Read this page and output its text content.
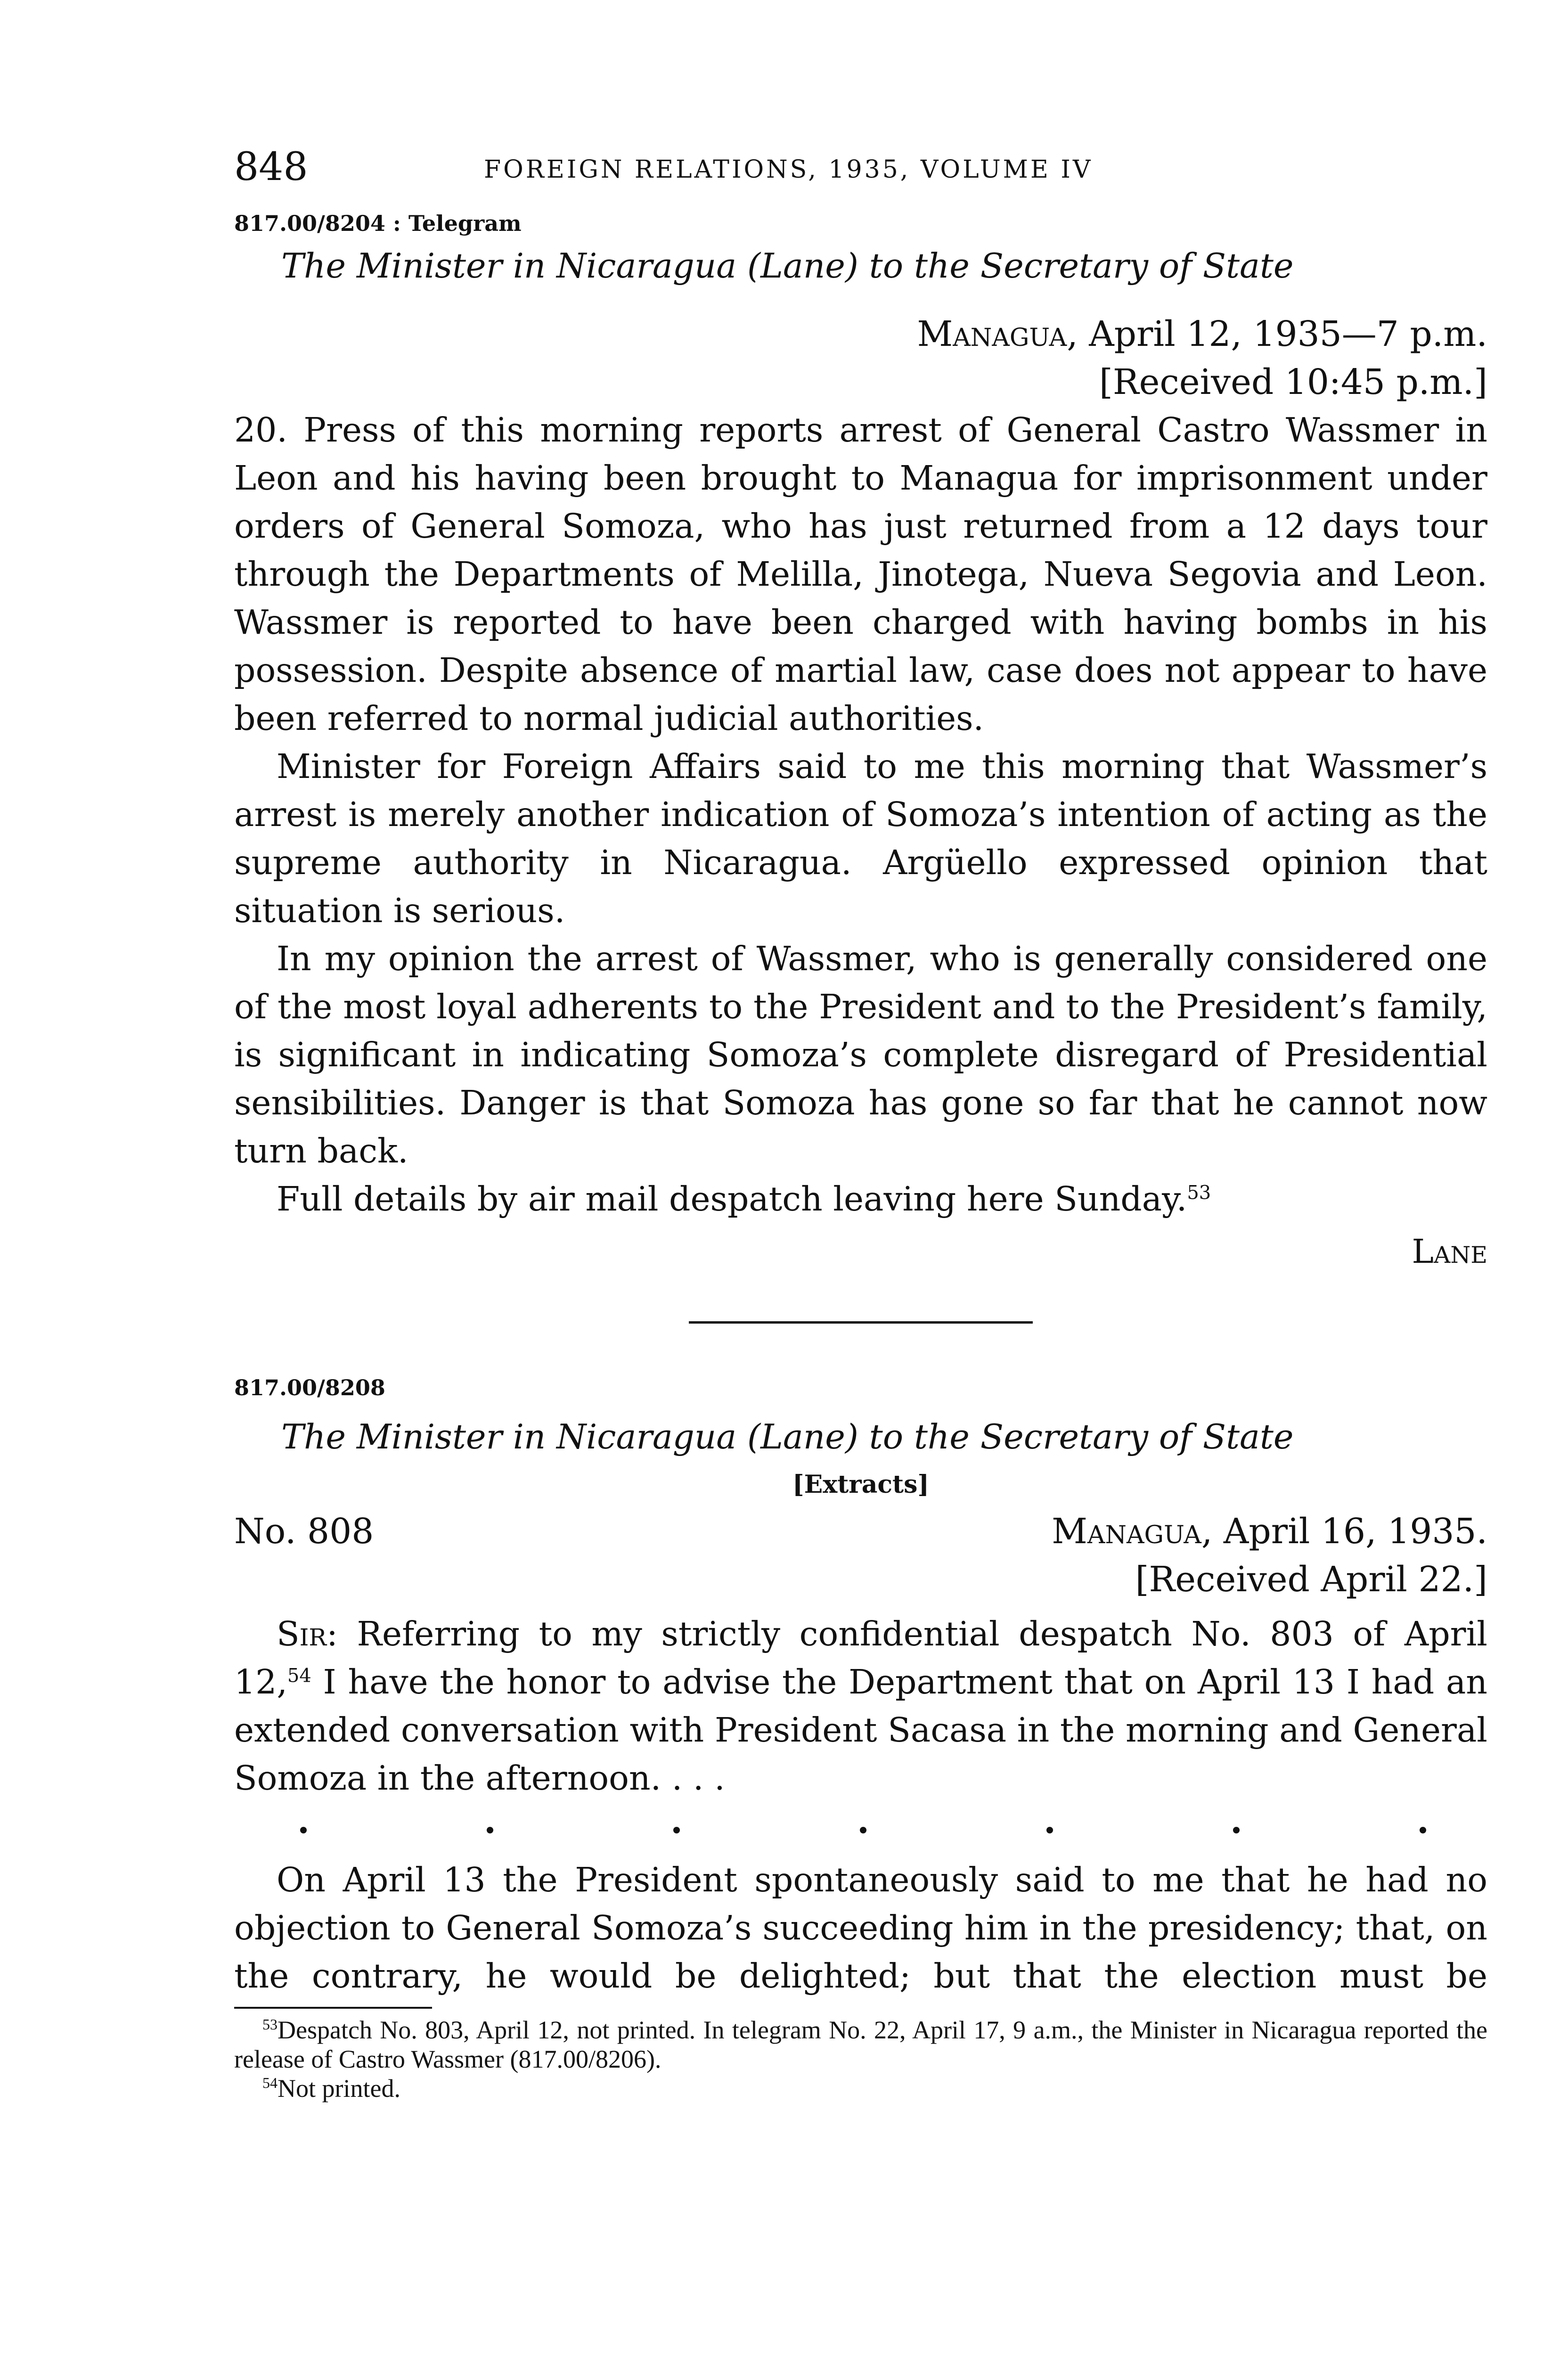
848	FOREIGN RELATIONS, 1935, VOLUME IV
817.00/8204 : Telegram
The Minister in Nicaragua (Lane) to the Secretary of State
Managua, April 12, 1935—7 p.m.
[Received 10:45 p.m.]

20. Press of this morning reports arrest of General Castro Wassmer in Leon and his having been brought to Managua for imprisonment under orders of General Somoza, who has just returned from a 12 days tour through the Departments of Melilla, Jinotega, Nueva Segovia and Leon. Wassmer is reported to have been charged with having bombs in his possession. Despite absence of martial law, case does not appear to have been referred to normal judicial authorities.

Minister for Foreign Affairs said to me this morning that Wassmer’s arrest is merely another indication of Somoza’s intention of acting as the supreme authority in Nicaragua. Argüello expressed opinion that situation is serious.

In my opinion the arrest of Wassmer, who is generally considered one of the most loyal adherents to the President and to the President’s family, is significant in indicating Somoza’s complete disregard of Presidential sensibilities. Danger is that Somoza has gone so far that he cannot now turn back.

Full details by air mail despatch leaving here Sunday.$^{53}$

Lane
817.00/8208
The Minister in Nicaragua (Lane) to the Secretary of State
[Extracts]
No. 808	Managua, April 16, 1935.
[Received April 22.]

Sir: Referring to my strictly confidential despatch No. 803 of April 12,54 I have the honor to advise the Department that on April 13 I had an extended conversation with President Sacasa in the morning and General Somoza in the afternoon. . . .

On April 13 the President spontaneously said to me that he had no objection to General Somoza’s succeeding him in the presidency; that, on the contrary, he would be delighted; but that the election must be

$^{53}$Despatch No. 803, April 12, not printed. In telegram No. 22, April 17, 9 a.m., the Minister in Nicaragua reported the release of Castro Wassmer (817.00/8206).
$^{54}$Not printed.
